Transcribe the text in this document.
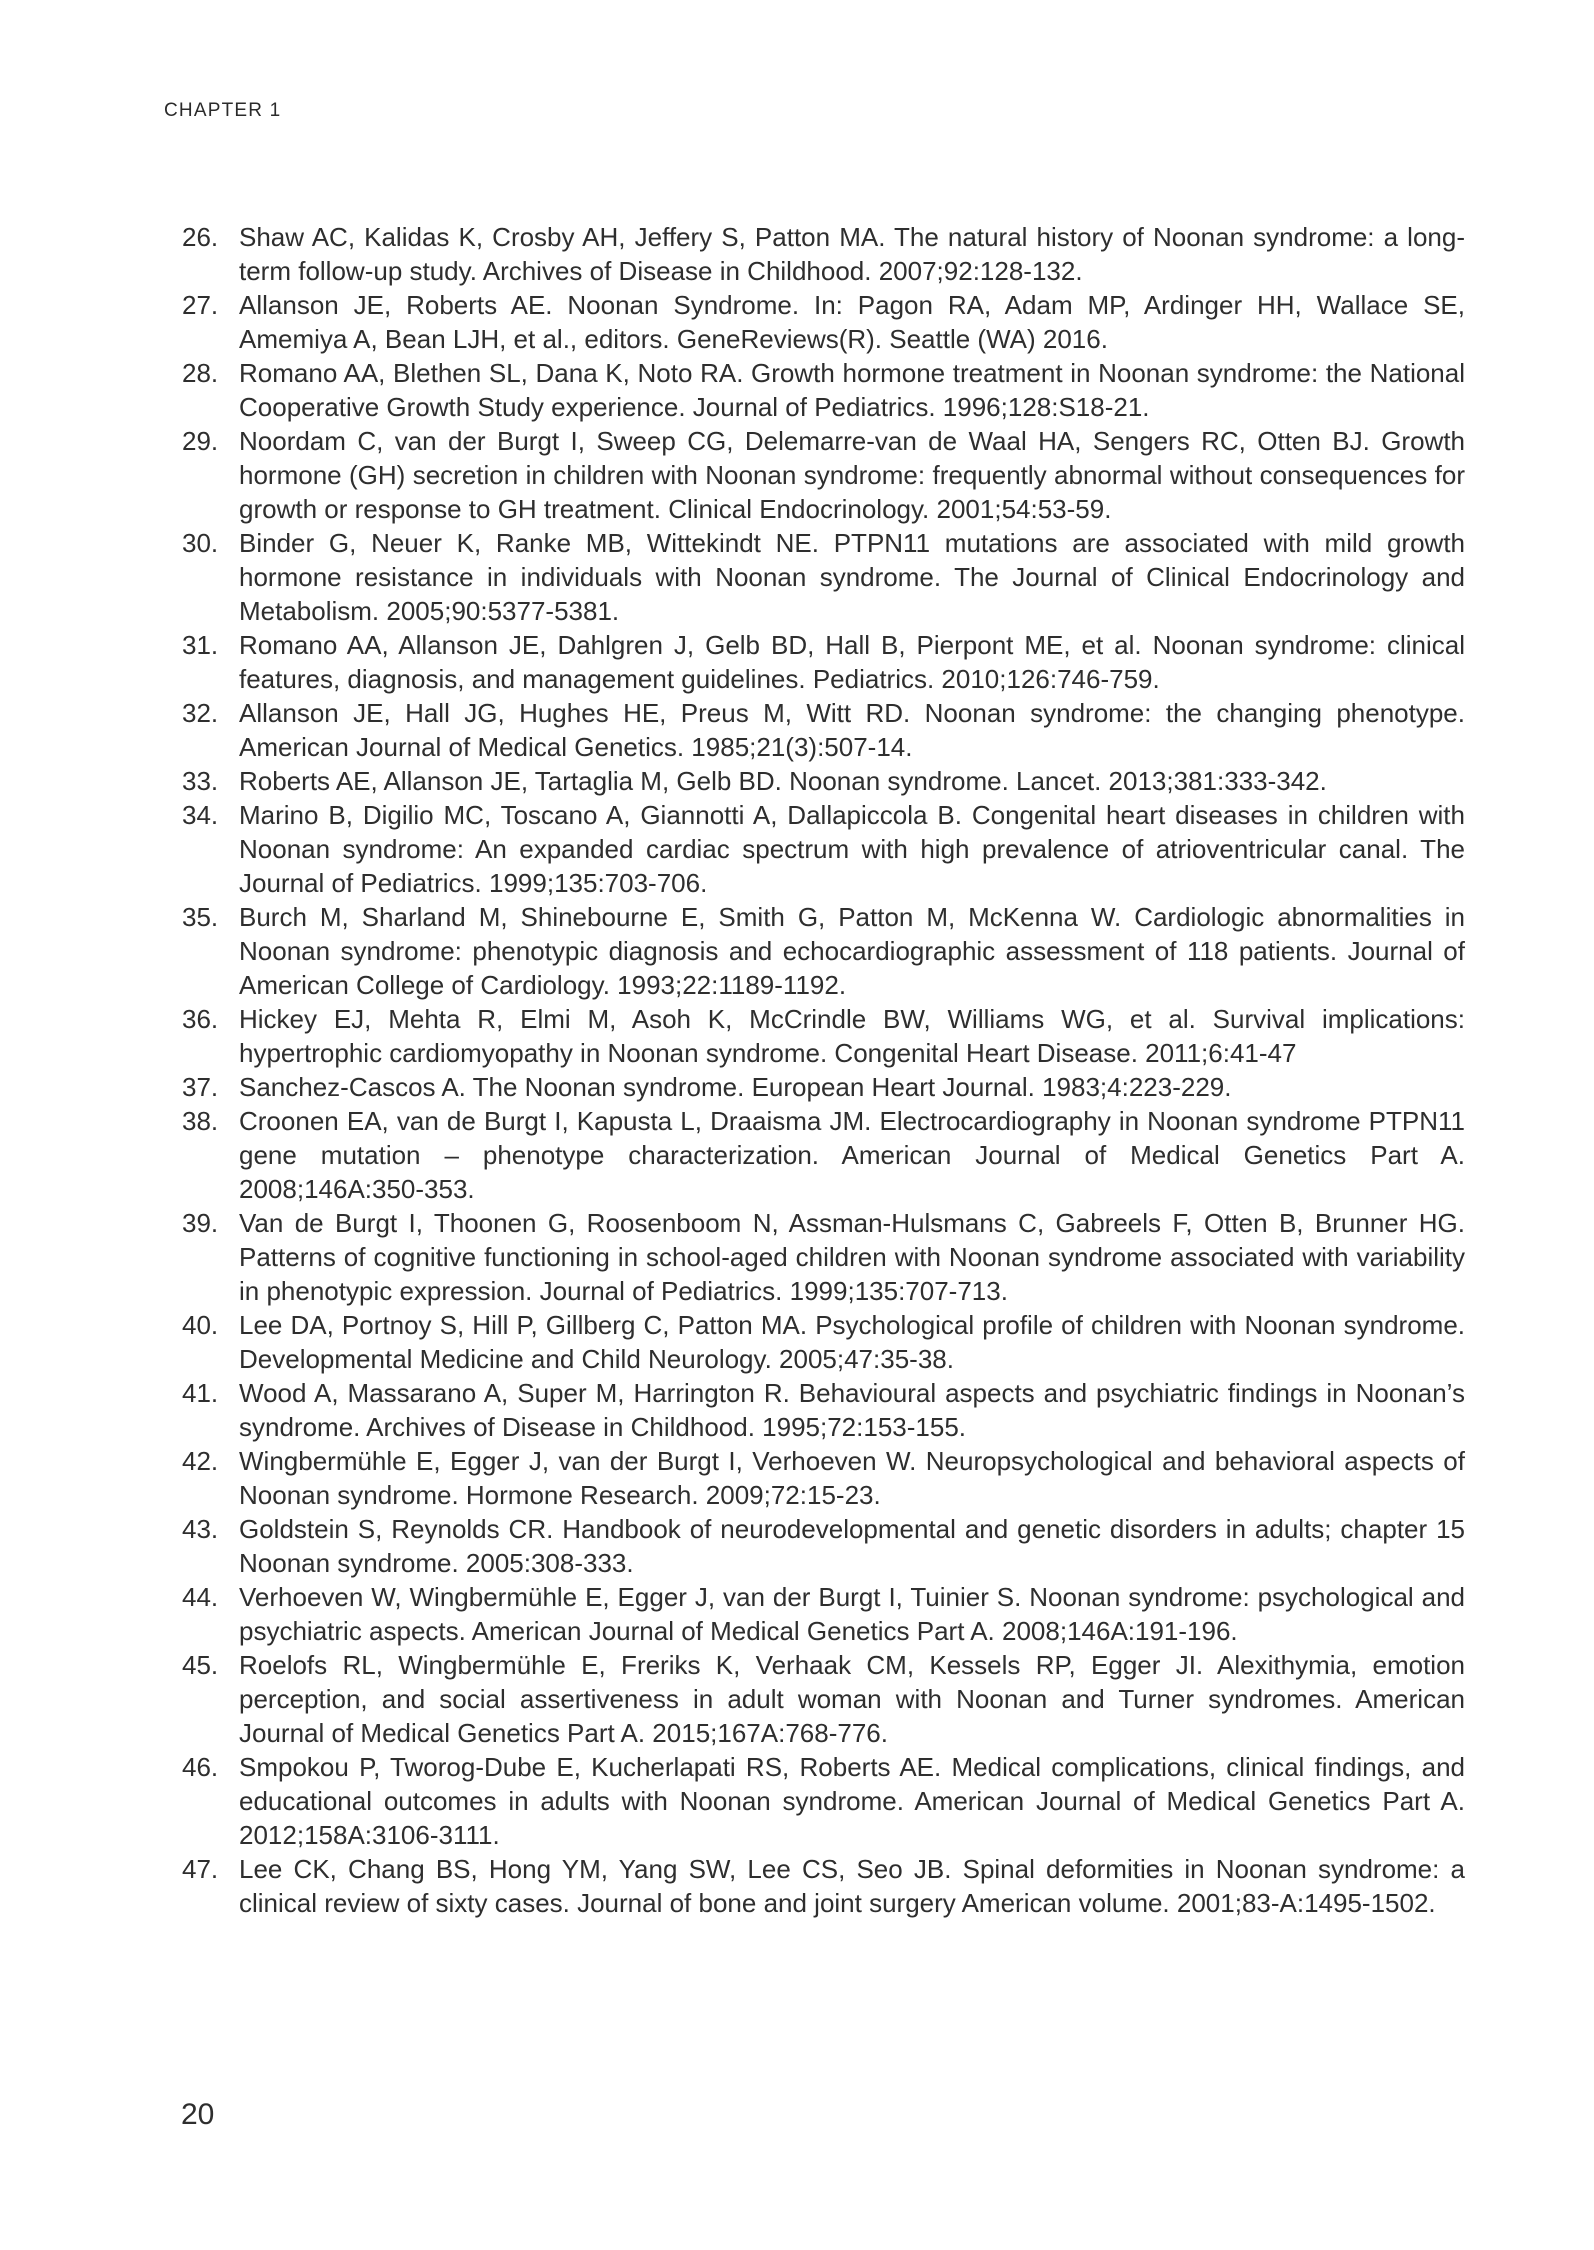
CHAPTER 1
26. Shaw AC, Kalidas K, Crosby AH, Jeffery S, Patton MA. The natural history of Noonan syndrome: a long-term follow-up study. Archives of Disease in Childhood. 2007;92:128-132.
27. Allanson JE, Roberts AE. Noonan Syndrome. In: Pagon RA, Adam MP, Ardinger HH, Wallace SE, Amemiya A, Bean LJH, et al., editors. GeneReviews(R). Seattle (WA) 2016.
28. Romano AA, Blethen SL, Dana K, Noto RA. Growth hormone treatment in Noonan syndrome: the National Cooperative Growth Study experience. Journal of Pediatrics. 1996;128:S18-21.
29. Noordam C, van der Burgt I, Sweep CG, Delemarre-van de Waal HA, Sengers RC, Otten BJ. Growth hormone (GH) secretion in children with Noonan syndrome: frequently abnormal without consequences for growth or response to GH treatment. Clinical Endocrinology. 2001;54:53-59.
30. Binder G, Neuer K, Ranke MB, Wittekindt NE. PTPN11 mutations are associated with mild growth hormone resistance in individuals with Noonan syndrome. The Journal of Clinical Endocrinology and Metabolism. 2005;90:5377-5381.
31. Romano AA, Allanson JE, Dahlgren J, Gelb BD, Hall B, Pierpont ME, et al. Noonan syndrome: clinical features, diagnosis, and management guidelines. Pediatrics. 2010;126:746-759.
32. Allanson JE, Hall JG, Hughes HE, Preus M, Witt RD. Noonan syndrome: the changing phenotype. American Journal of Medical Genetics. 1985;21(3):507-14.
33. Roberts AE, Allanson JE, Tartaglia M, Gelb BD. Noonan syndrome. Lancet. 2013;381:333-342.
34. Marino B, Digilio MC, Toscano A, Giannotti A, Dallapiccola B. Congenital heart diseases in children with Noonan syndrome: An expanded cardiac spectrum with high prevalence of atrioventricular canal. The Journal of Pediatrics. 1999;135:703-706.
35. Burch M, Sharland M, Shinebourne E, Smith G, Patton M, McKenna W. Cardiologic abnormalities in Noonan syndrome: phenotypic diagnosis and echocardiographic assessment of 118 patients. Journal of American College of Cardiology. 1993;22:1189-1192.
36. Hickey EJ, Mehta R, Elmi M, Asoh K, McCrindle BW, Williams WG, et al. Survival implications: hypertrophic cardiomyopathy in Noonan syndrome. Congenital Heart Disease. 2011;6:41-47
37. Sanchez-Cascos A. The Noonan syndrome. European Heart Journal. 1983;4:223-229.
38. Croonen EA, van de Burgt I, Kapusta L, Draaisma JM. Electrocardiography in Noonan syndrome PTPN11 gene mutation – phenotype characterization. American Journal of Medical Genetics Part A. 2008;146A:350-353.
39. Van de Burgt I, Thoonen G, Roosenboom N, Assman-Hulsmans C, Gabreels F, Otten B, Brunner HG. Patterns of cognitive functioning in school-aged children with Noonan syndrome associated with variability in phenotypic expression. Journal of Pediatrics. 1999;135:707-713.
40. Lee DA, Portnoy S, Hill P, Gillberg C, Patton MA. Psychological profile of children with Noonan syndrome. Developmental Medicine and Child Neurology. 2005;47:35-38.
41. Wood A, Massarano A, Super M, Harrington R. Behavioural aspects and psychiatric findings in Noonan’s syndrome. Archives of Disease in Childhood. 1995;72:153-155.
42. Wingbermühle E, Egger J, van der Burgt I, Verhoeven W. Neuropsychological and behavioral aspects of Noonan syndrome. Hormone Research. 2009;72:15-23.
43. Goldstein S, Reynolds CR. Handbook of neurodevelopmental and genetic disorders in adults; chapter 15 Noonan syndrome. 2005:308-333.
44. Verhoeven W, Wingbermühle E, Egger J, van der Burgt I, Tuinier S. Noonan syndrome: psychological and psychiatric aspects. American Journal of Medical Genetics Part A. 2008;146A:191-196.
45. Roelofs RL, Wingbermühle E, Freriks K, Verhaak CM, Kessels RP, Egger JI. Alexithymia, emotion perception, and social assertiveness in adult woman with Noonan and Turner syndromes. American Journal of Medical Genetics Part A. 2015;167A:768-776.
46. Smpokou P, Tworog-Dube E, Kucherlapati RS, Roberts AE. Medical complications, clinical findings, and educational outcomes in adults with Noonan syndrome. American Journal of Medical Genetics Part A. 2012;158A:3106-3111.
47. Lee CK, Chang BS, Hong YM, Yang SW, Lee CS, Seo JB. Spinal deformities in Noonan syndrome: a clinical review of sixty cases. Journal of bone and joint surgery American volume. 2001;83-A:1495-1502.
20
